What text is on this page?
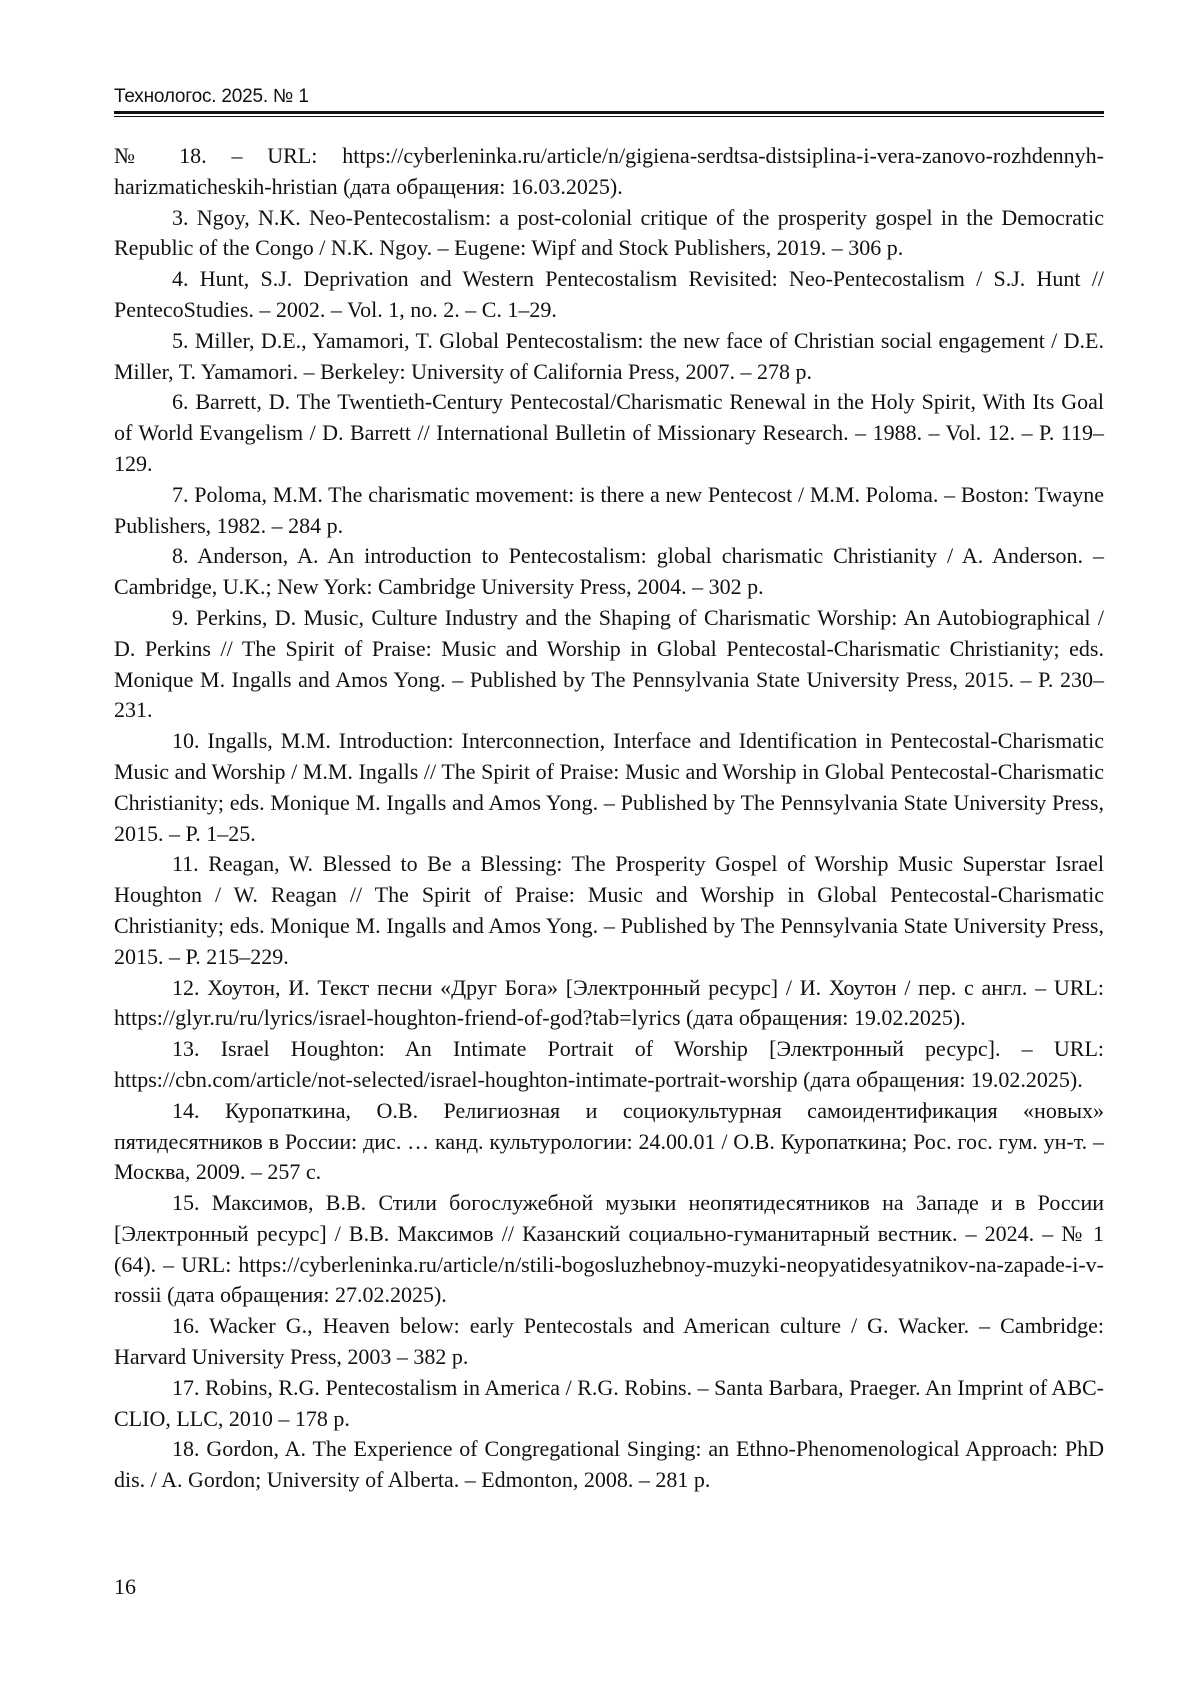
Технологос. 2025. № 1

№ 18. – URL: https://cyberleninka.ru/article/n/gigiena-serdtsa-distsiplina-i-vera-zanovo-rozhdennyh-harizmaticheskih-hristian (дата обращения: 16.03.2025).

3. Ngoy, N.K. Neo-Pentecostalism: a post-colonial critique of the prosperity gospel in the Democratic Republic of the Congo / N.K. Ngoy. – Eugene: Wipf and Stock Publishers, 2019. – 306 p.

4. Hunt, S.J. Deprivation and Western Pentecostalism Revisited: Neo-Pentecostalism / S.J. Hunt // PentecoStudies. – 2002. – Vol. 1, no. 2. – С. 1–29.

5. Miller, D.E., Yamamori, T. Global Pentecostalism: the new face of Christian social engagement / D.E. Miller, T. Yamamori. – Berkeley: University of California Press, 2007. – 278 p.

6. Barrett, D. The Twentieth-Century Pentecostal/Charismatic Renewal in the Holy Spirit, With Its Goal of World Evangelism / D. Barrett // International Bulletin of Missionary Research. – 1988. – Vol. 12. – P. 119–129.

7. Poloma, M.M. The charismatic movement: is there a new Pentecost / M.M. Poloma. – Boston: Twayne Publishers, 1982. – 284 p.

8. Anderson, A. An introduction to Pentecostalism: global charismatic Christianity / A. Anderson. – Cambridge, U.K.; New York: Cambridge University Press, 2004. – 302 p.

9. Perkins, D. Music, Culture Industry and the Shaping of Charismatic Worship: An Autobiographical / D. Perkins // The Spirit of Praise: Music and Worship in Global Pentecostal-Charismatic Christianity; eds. Monique M. Ingalls and Amos Yong. – Published by The Pennsylvania State University Press, 2015. – P. 230–231.

10. Ingalls, M.M. Introduction: Interconnection, Interface and Identification in Pentecostal-Charismatic Music and Worship / M.M. Ingalls // The Spirit of Praise: Music and Worship in Global Pentecostal-Charismatic Christianity; eds. Monique M. Ingalls and Amos Yong. – Published by The Pennsylvania State University Press, 2015. – P. 1–25.

11. Reagan, W. Blessed to Be a Blessing: The Prosperity Gospel of Worship Music Superstar Israel Houghton / W. Reagan // The Spirit of Praise: Music and Worship in Global Pentecostal-Charismatic Christianity; eds. Monique M. Ingalls and Amos Yong. – Published by The Pennsylvania State University Press, 2015. – P. 215–229.

12. Хоутон, И. Текст песни «Друг Бога» [Электронный ресурс] / И. Хоутон / пер. с англ. – URL: https://glyr.ru/ru/lyrics/israel-houghton-friend-of-god?tab=lyrics (дата обращения: 19.02.2025).

13. Israel Houghton: An Intimate Portrait of Worship [Электронный ресурс]. – URL: https://cbn.com/article/not-selected/israel-houghton-intimate-portrait-worship (дата обращения: 19.02.2025).

14. Куропаткина, О.В. Религиозная и социокультурная самоидентификация «новых» пятидесятников в России: дис. … канд. культурологии: 24.00.01 / О.В. Куропаткина; Рос. гос. гум. ун-т. – Москва, 2009. – 257 с.

15. Максимов, В.В. Стили богослужебной музыки неопятидесятников на Западе и в России [Электронный ресурс] / В.В. Максимов // Казанский социально-гуманитарный вестник. – 2024. – № 1 (64). – URL: https://cyberleninka.ru/article/n/stili-bogosluzhebnoy-muzyki-neopyatidesyatnikov-na-zapade-i-v-rossii (дата обращения: 27.02.2025).

16. Wacker G., Heaven below: early Pentecostals and American culture / G. Wacker. – Cambridge: Harvard University Press, 2003 – 382 p.

17. Robins, R.G. Pentecostalism in America / R.G. Robins. – Santa Barbara, Praeger. An Imprint of ABC-CLIO, LLC, 2010 – 178 p.

18. Gordon, A. The Experience of Congregational Singing: an Ethno-Phenomenological Approach: PhD dis. / A. Gordon; University of Alberta. – Edmonton, 2008. – 281 p.

16
